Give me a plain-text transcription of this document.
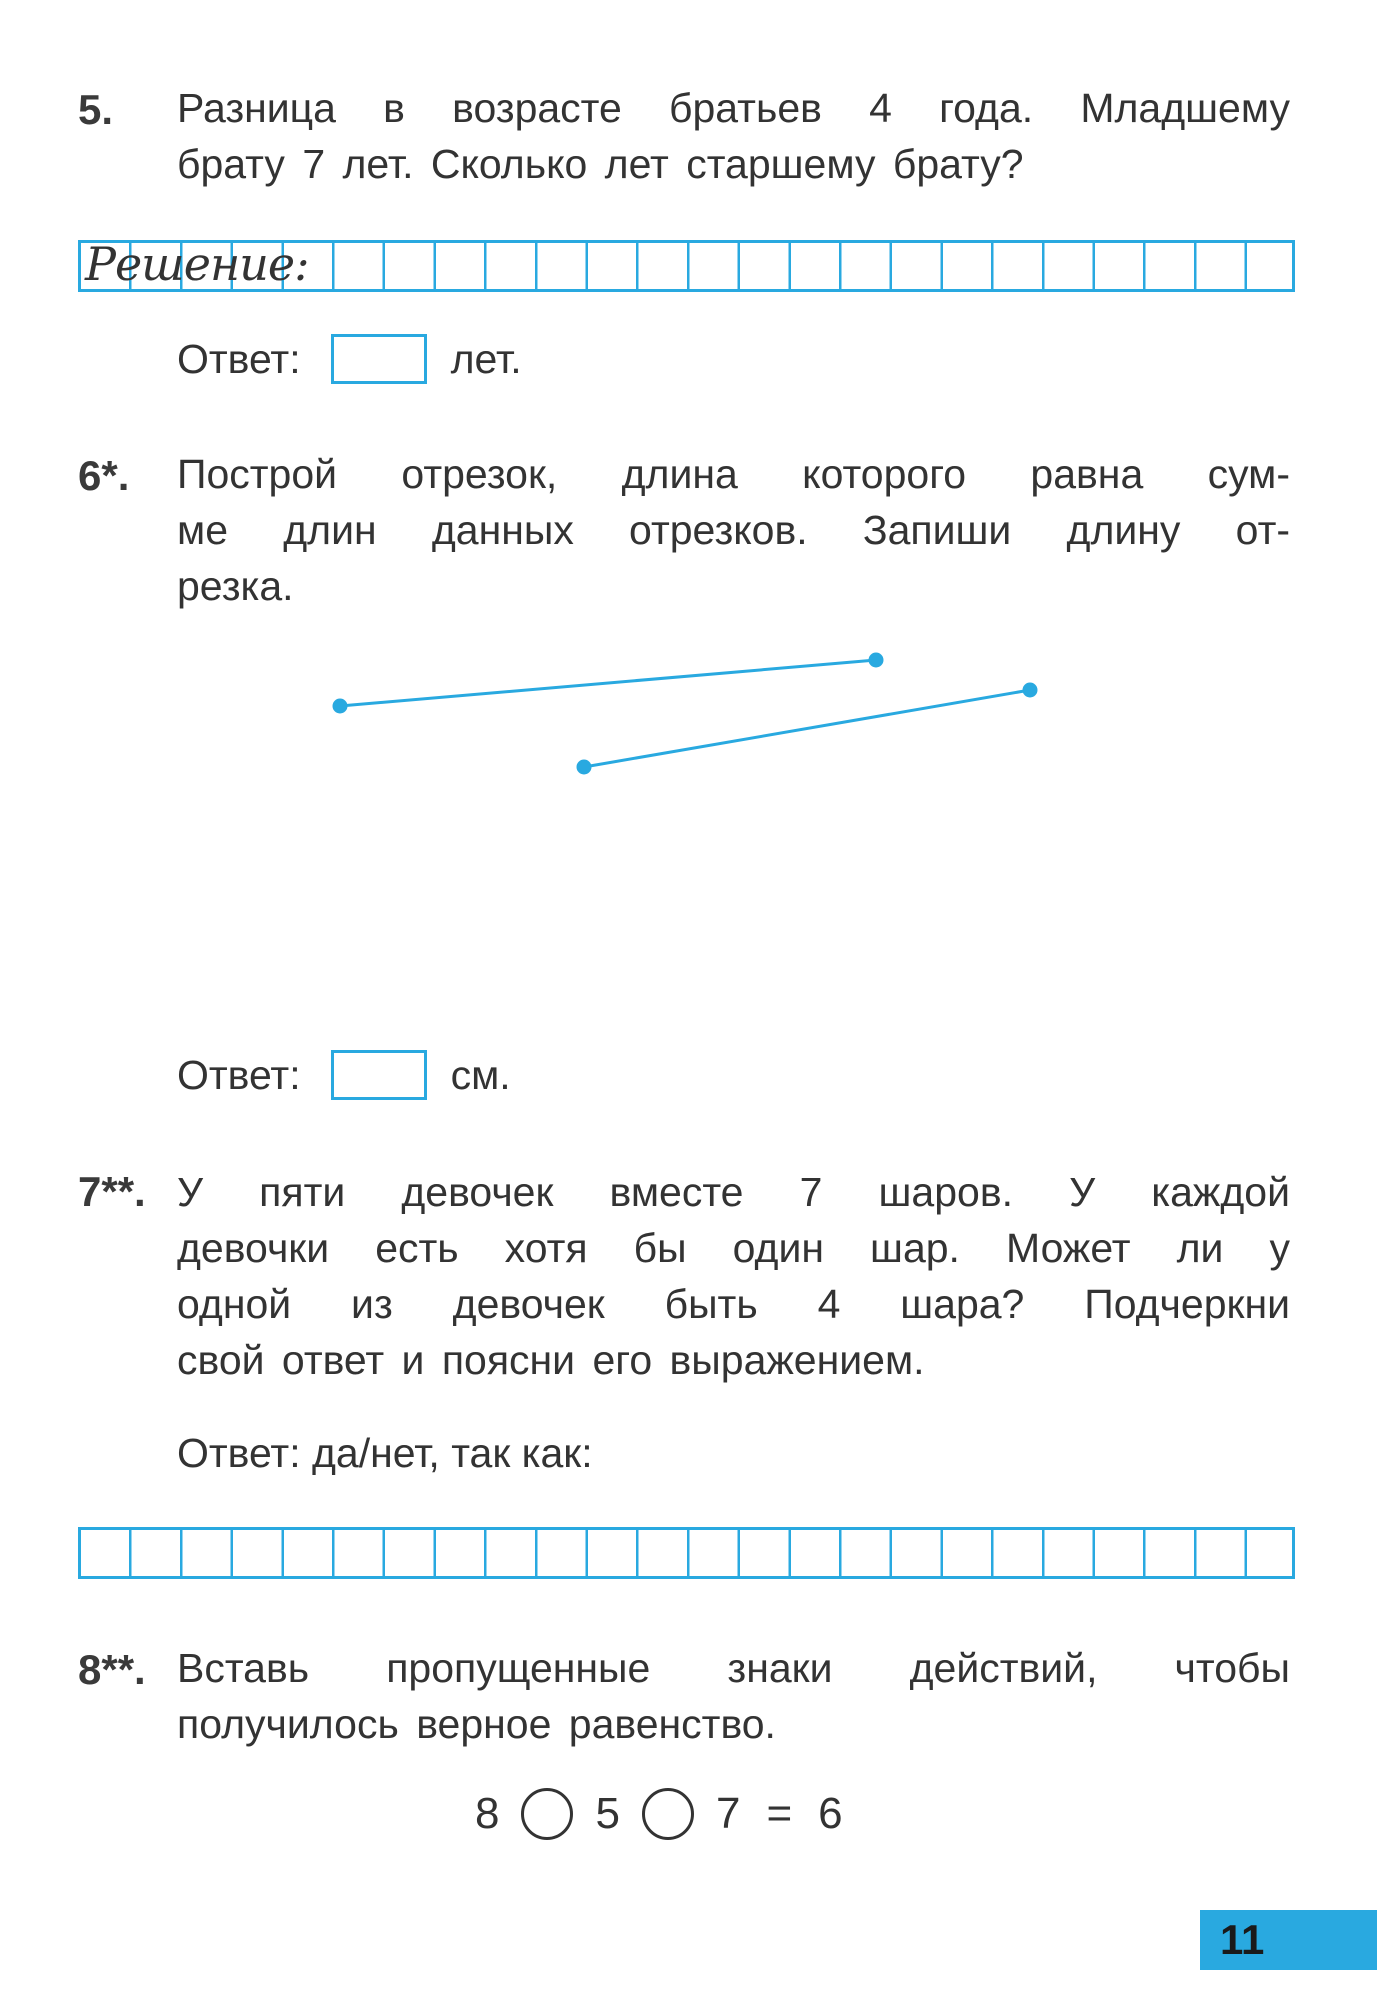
5. Разница в возрасте братьев 4 года. Младшему
брату 7 лет. Сколько лет старшему брату?
Решение:
Ответ:	лет.
6*. Построй отрезок, длина которого равна сум-
ме длин данных отрезков. Запиши длину от-
резка.
Ответ:	см.
7**. У пяти девочек вместе 7 шаров. У каждой
девочки есть хотя бы один шар. Может ли у
одной из девочек быть 4 шара? Подчеркни
свой ответ и поясни его выражением.
Ответ: да/нет, так как:
8**. Вставь пропущенные знаки действий, чтобы
получилось верное равенство.
8 5 7 = 6
11
